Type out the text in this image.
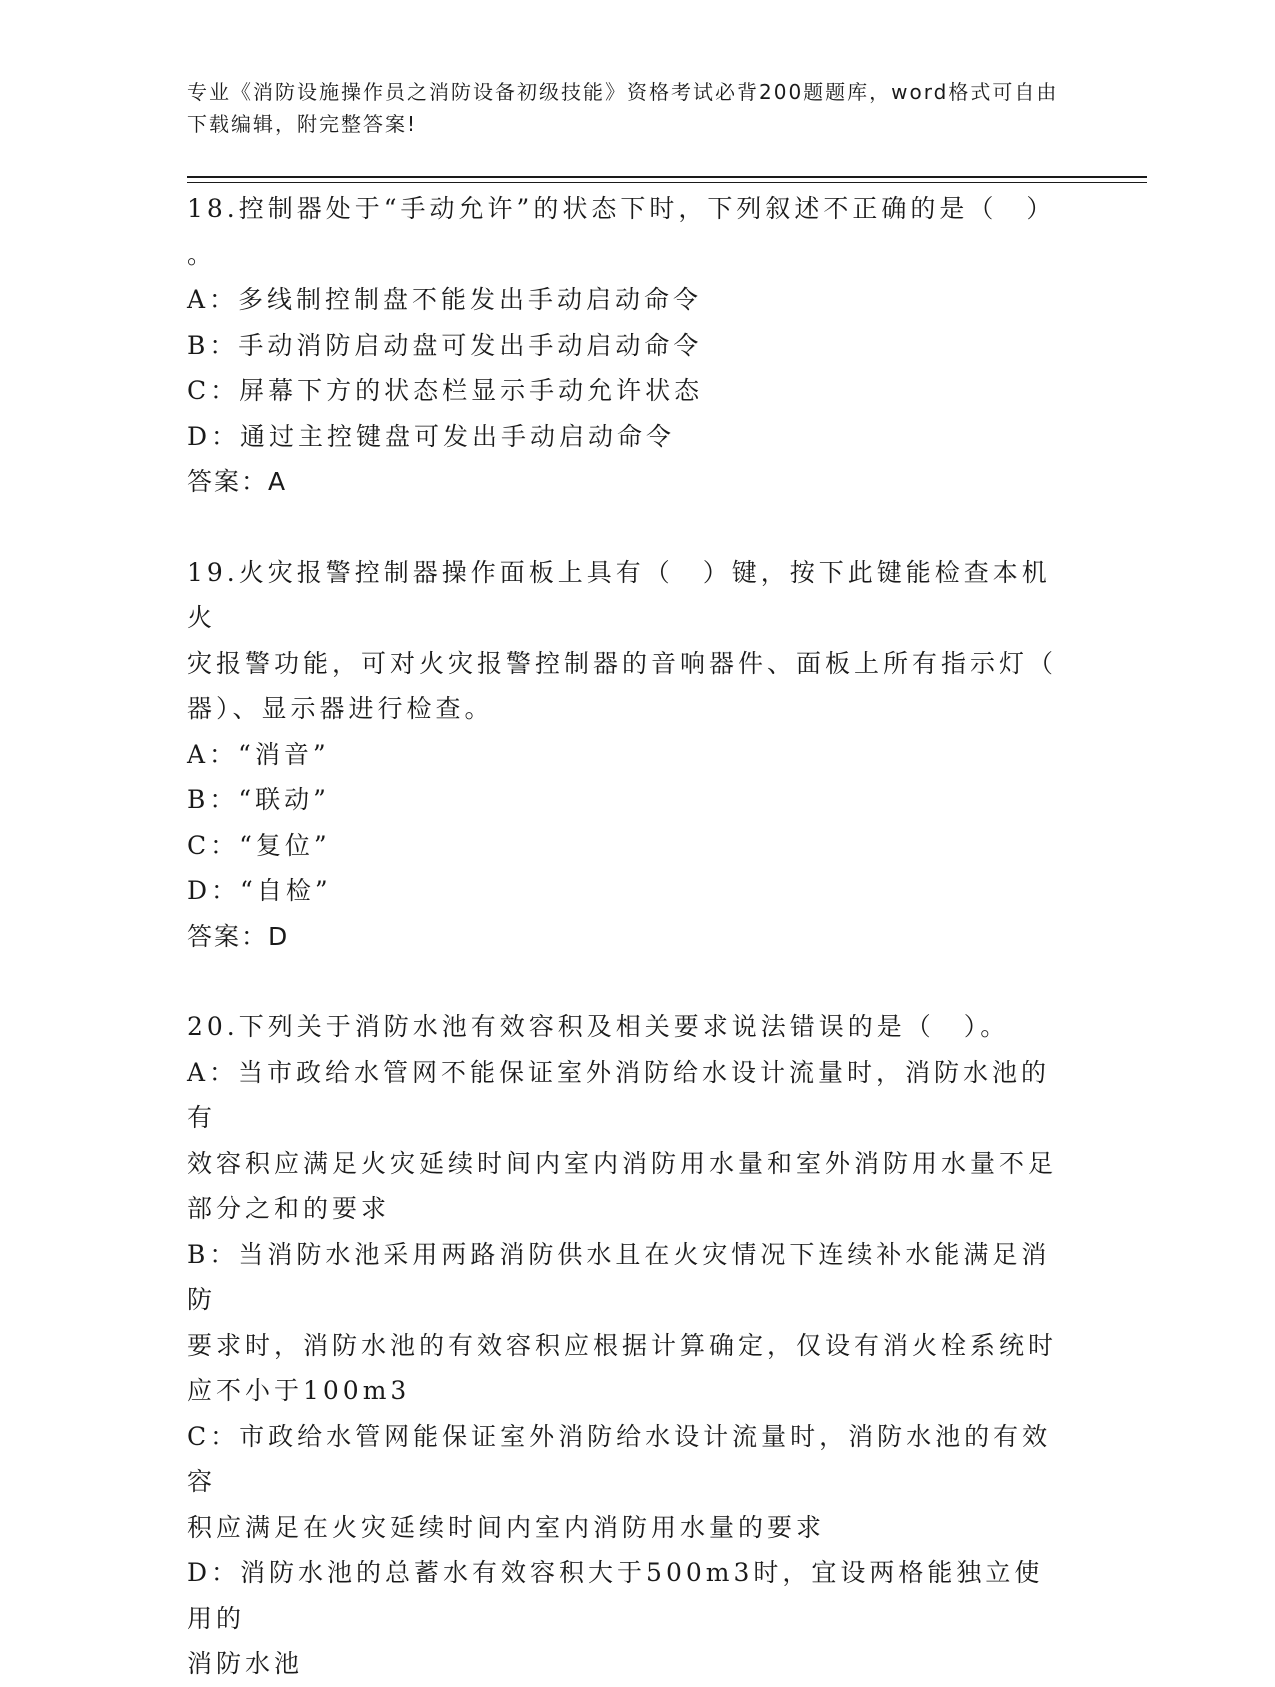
专业《消防设施操作员之消防设备初级技能》资格考试必背200题题库，word格式可自由下载编辑，附完整答案!

18.控制器处于“手动允许”的状态下时，下列叙述不正确的是（　）

。

A：多线制控制盘不能发出手动启动命令

B：手动消防启动盘可发出手动启动命令

C：屏幕下方的状态栏显示手动允许状态

D：通过主控键盘可发出手动启动命令

答案：A

19.火灾报警控制器操作面板上具有（　）键，按下此键能检查本机火

灾报警功能，可对火灾报警控制器的音响器件、面板上所有指示灯（

器）、显示器进行检查。

A：“消音”

B：“联动”

C：“复位”

D：“自检”

答案：D

20.下列关于消防水池有效容积及相关要求说法错误的是（　）。

A：当市政给水管网不能保证室外消防给水设计流量时，消防水池的有

效容积应满足火灾延续时间内室内消防用水量和室外消防用水量不足

部分之和的要求

B：当消防水池采用两路消防供水且在火灾情况下连续补水能满足消防

要求时，消防水池的有效容积应根据计算确定，仅设有消火栓系统时

应不小于100m3

C：市政给水管网能保证室外消防给水设计流量时，消防水池的有效容

积应满足在火灾延续时间内室内消防用水量的要求

D：消防水池的总蓄水有效容积大于500m3时，宜设两格能独立使用的

消防水池
